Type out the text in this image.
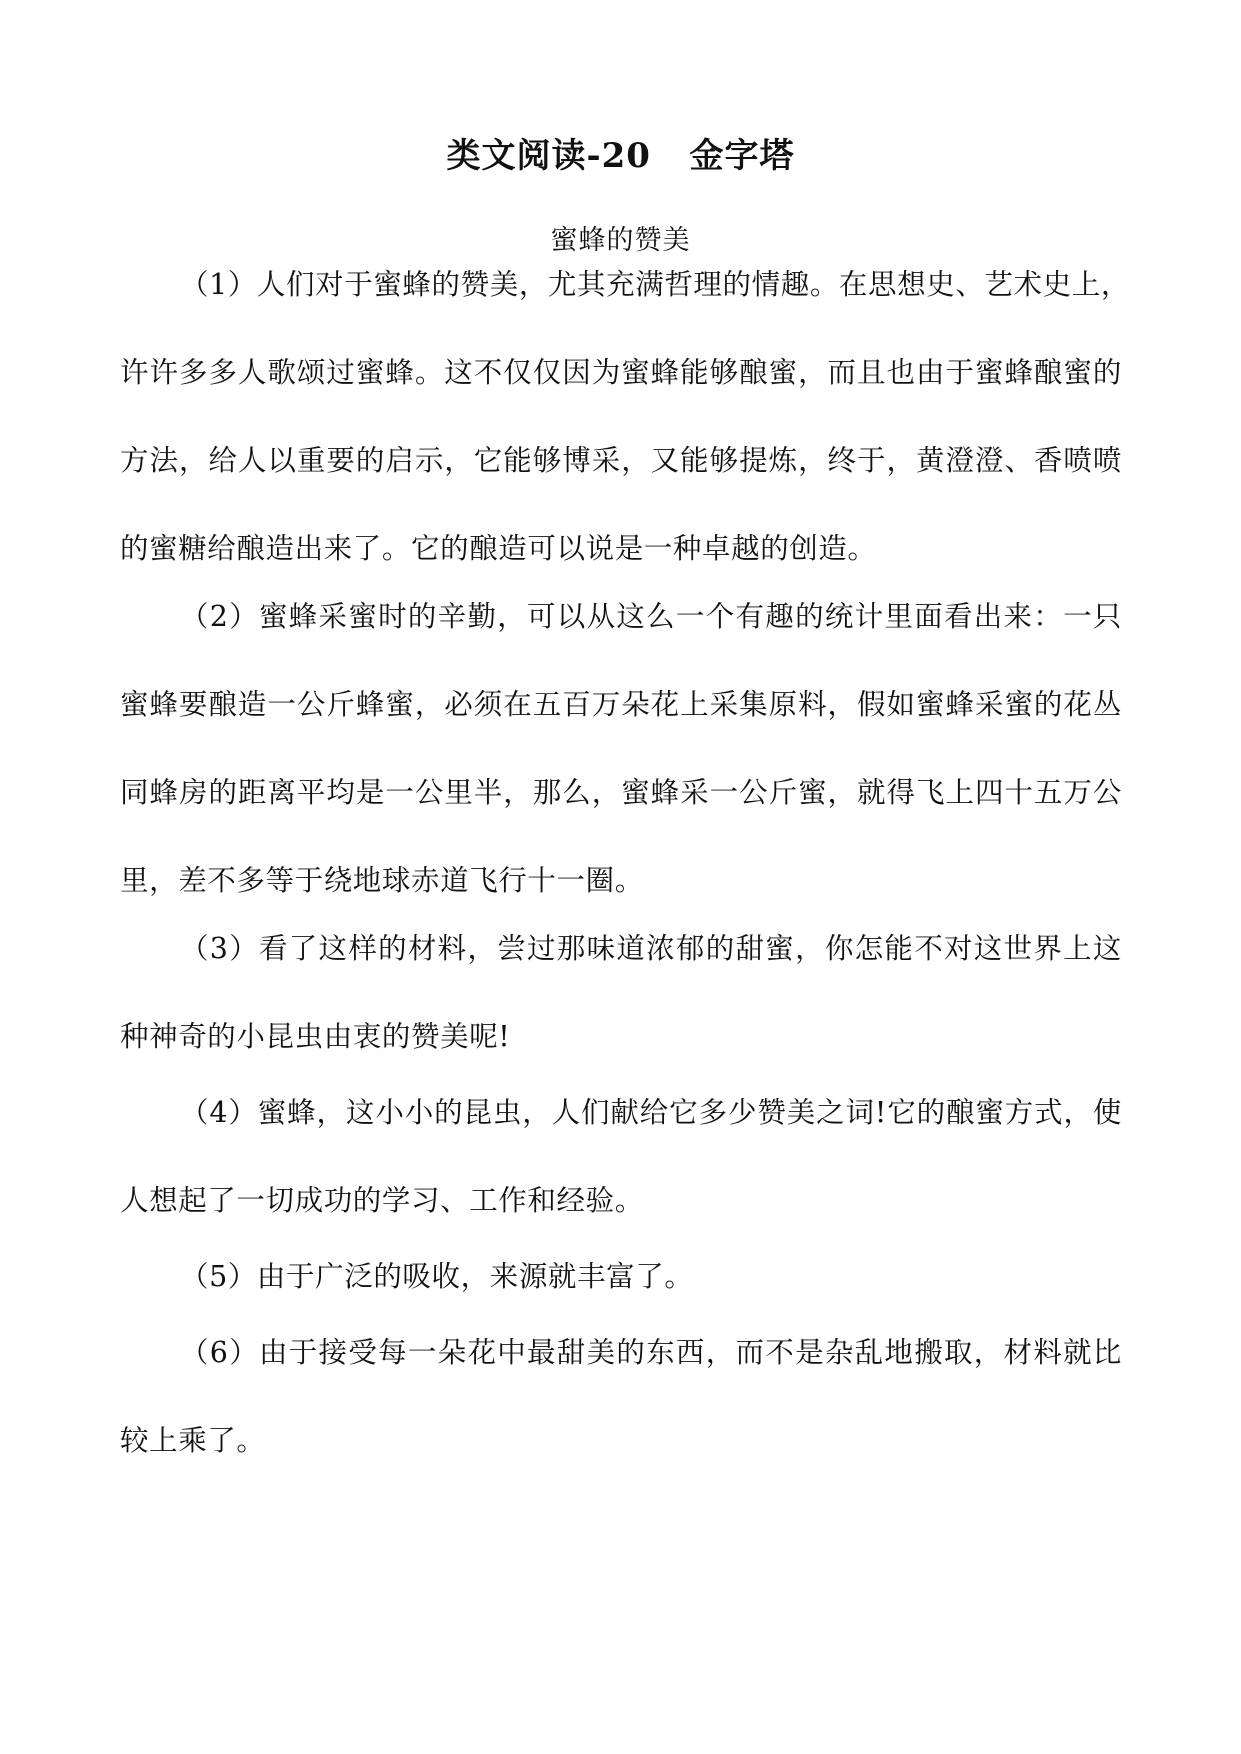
类文阅读-20   金字塔
蜜蜂的赞美
（1）人们对于蜜蜂的赞美，尤其充满哲理的情趣。在思想史、艺术史上，
许许多多人歌颂过蜜蜂。这不仅仅因为蜜蜂能够酿蜜，而且也由于蜜蜂酿蜜的
方法，给人以重要的启示，它能够博采，又能够提炼，终于，黄澄澄、香喷喷
的蜜糖给酿造出来了。它的酿造可以说是一种卓越的创造。
（2）蜜蜂采蜜时的辛勤，可以从这么一个有趣的统计里面看出来：一只
蜜蜂要酿造一公斤蜂蜜，必须在五百万朵花上采集原料，假如蜜蜂采蜜的花丛
同蜂房的距离平均是一公里半，那么，蜜蜂采一公斤蜜，就得飞上四十五万公
里，差不多等于绕地球赤道飞行十一圈。
（3）看了这样的材料，尝过那味道浓郁的甜蜜，你怎能不对这世界上这
种神奇的小昆虫由衷的赞美呢!
（4）蜜蜂，这小小的昆虫，人们献给它多少赞美之词!它的酿蜜方式，使
人想起了一切成功的学习、工作和经验。
（5）由于广泛的吸收，来源就丰富了。
（6）由于接受每一朵花中最甜美的东西，而不是杂乱地搬取，材料就比
较上乘了。
